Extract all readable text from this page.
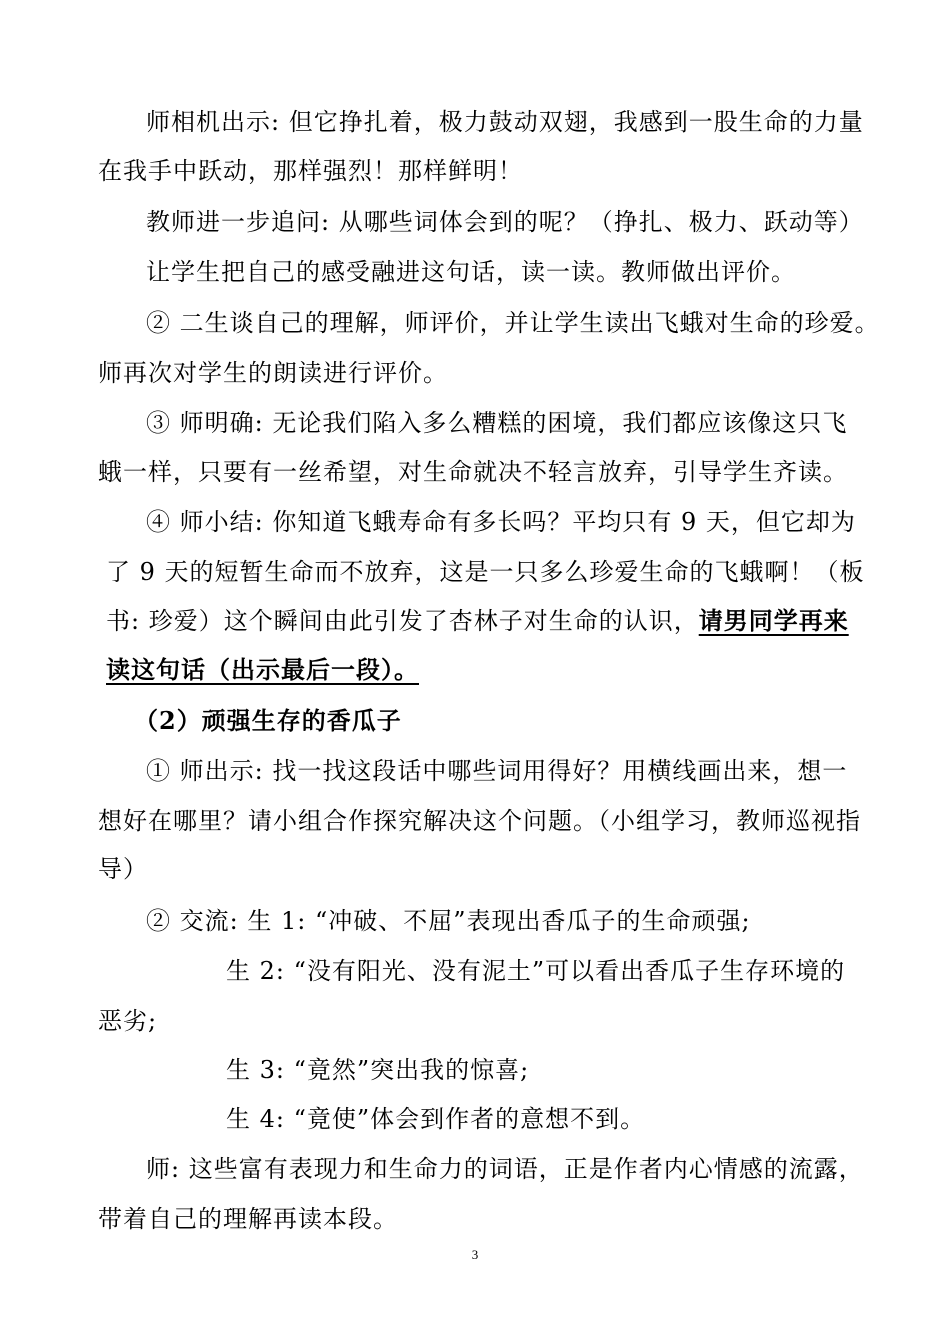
师相机出示: 但它挣扎着，极力鼓动双翅，我感到一股生命的力量
在我手中跃动，那样强烈！那样鲜明！
教师进一步追问: 从哪些词体会到的呢？（挣扎、极力、跃动等）
让学生把自己的感受融进这句话，读一读。教师做出评价。
② 二生谈自己的理解，师评价，并让学生读出飞蛾对生命的珍爱。
师再次对学生的朗读进行评价。
③ 师明确: 无论我们陷入多么糟糕的困境，我们都应该像这只飞
蛾一样，只要有一丝希望，对生命就决不轻言放弃，引导学生齐读。
④ 师小结: 你知道飞蛾寿命有多长吗？平均只有 9 天，但它却为
了 9 天的短暂生命而不放弃，这是一只多么珍爱生命的飞蛾啊！（板
书: 珍爱）这个瞬间由此引发了杏林子对生命的认识，请男同学再来
读这句话（出示最后一段）。
（2）顽强生存的香瓜子
① 师出示: 找一找这段话中哪些词用得好？用横线画出来，想一
想好在哪里？请小组合作探究解决这个问题。（小组学习，教师巡视指
导）
② 交流: 生 1: “冲破、不屈”表现出香瓜子的生命顽强;
生 2: “没有阳光、没有泥土”可以看出香瓜子生存环境的
恶劣;
生 3: “竟然”突出我的惊喜;
生 4: “竟使”体会到作者的意想不到。
师: 这些富有表现力和生命力的词语，正是作者内心情感的流露，
带着自己的理解再读本段。
3
